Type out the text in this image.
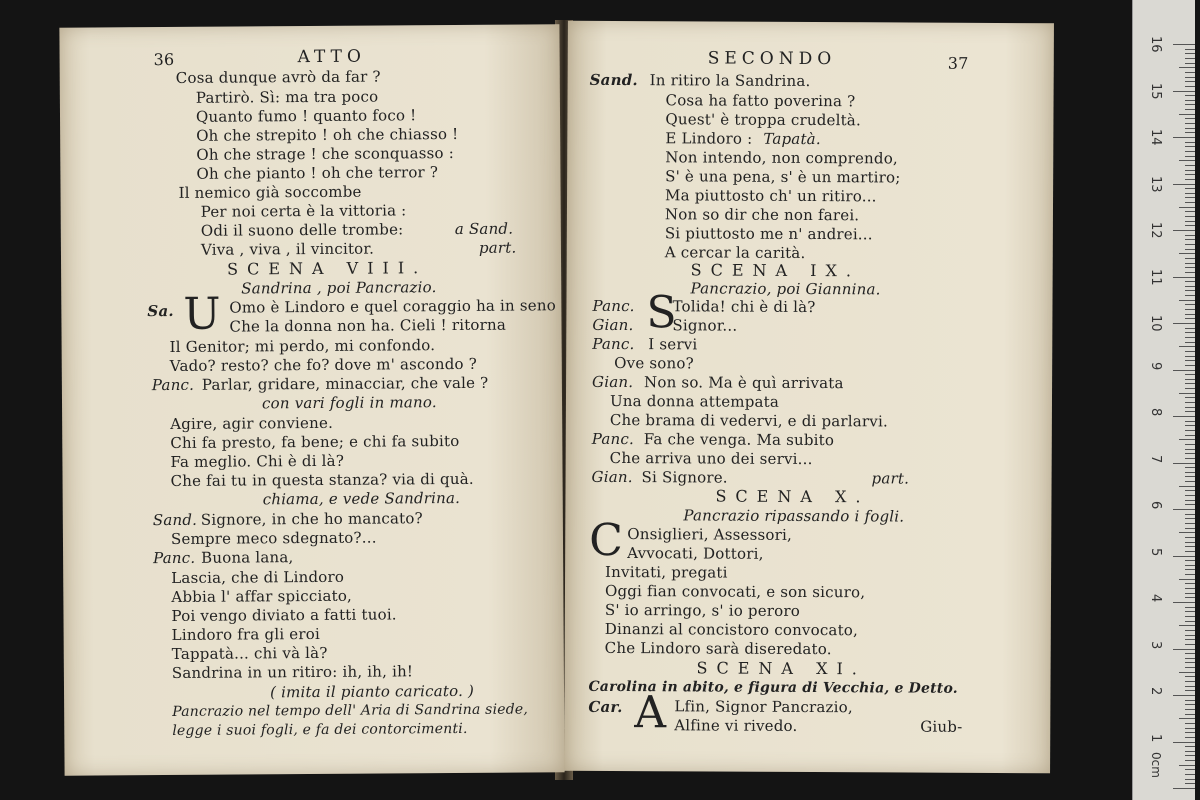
36	ATTO
Cosa dunque avrò da far ?
Partirò. Sì: ma tra poco
Quanto fumo ! quanto foco !
Oh che strepito ! oh che chiasso !
Oh che strage ! che sconquasso :
Oh che pianto ! oh che terror ?
Il nemico già soccombe
Per noi certa è la vittoria :
Odi il suono delle trombe:	a Sand.
Viva , viva , il vincitor.	part.
SCENA VIII.
Sandrina , poi Pancrazio.
Sa. U Omo è Lindoro e quel coraggio ha in seno
Che la donna non ha. Cieli ! ritorna
Il Genitor; mi perdo, mi confondo.
Vado? resto? che fo? dove m' ascondo ?
Panc. Parlar, gridare, minacciar, che vale ?
con vari fogli in mano.
Agire, agir conviene.
Chi fa presto, fa bene; e chi fa subito
Fa meglio. Chi è di là?
Che fai tu in questa stanza? via di quà.
chiama, e vede Sandrina.
Sand. Signore, in che ho mancato?
Sempre meco sdegnato?...
Panc. Buona lana,
Lascia, che di Lindoro
Abbia l' affar spicciato,
Poi vengo diviato a fatti tuoi.
Lindoro fra gli eroi
Tappatà... chi và là?
Sandrina in un ritiro: ih, ih, ih!
( imita il pianto caricato. )
Pancrazio nel tempo dell' Aria di Sandrina siede,
legge i suoi fogli, e fa dei contorcimenti.
SECONDO	37
Sand. In ritiro la Sandrina.
Cosa ha fatto poverina ?
Quest' è troppa crudeltà.
E Lindoro : Tapatà.
Non intendo, non comprendo,
S' è una pena, s' è un martiro;
Ma piuttosto ch' un ritiro...
Non so dir che non farei.
Si piuttosto me n' andrei...
A cercar la carità.
SCENA IX.
Pancrazio, poi Giannina.
Panc. S
Tolida! chi è di là?
Gian.	Signor...
Panc. I servi
Ove sono?
Gian. Non so. Ma è quì arrivata
Una donna attempata
Che brama di vedervi, e di parlarvi.
Panc. Fa che venga. Ma subito
Che arriva uno dei servi...
Gian. Si Signore.	part.
SCENA X.
Pancrazio ripassando i fogli.
C Onsiglieri, Assessori,
Avvocati, Dottori,
Invitati, pregati
Oggi fian convocati, e son sicuro,
S' io arringo, s' io peroro
Dinanzi al concistoro convocato,
Che Lindoro sarà diseredato.
SCENA XI.
Carolina in abito, e figura di Vecchia, e Detto.
Car. A Lfin, Signor Pancrazio,
Alfine vi rivedo.	Giub-
16
15
14
13
12
11
10
9
8
7
6
5
4
3
2
1
0cm
